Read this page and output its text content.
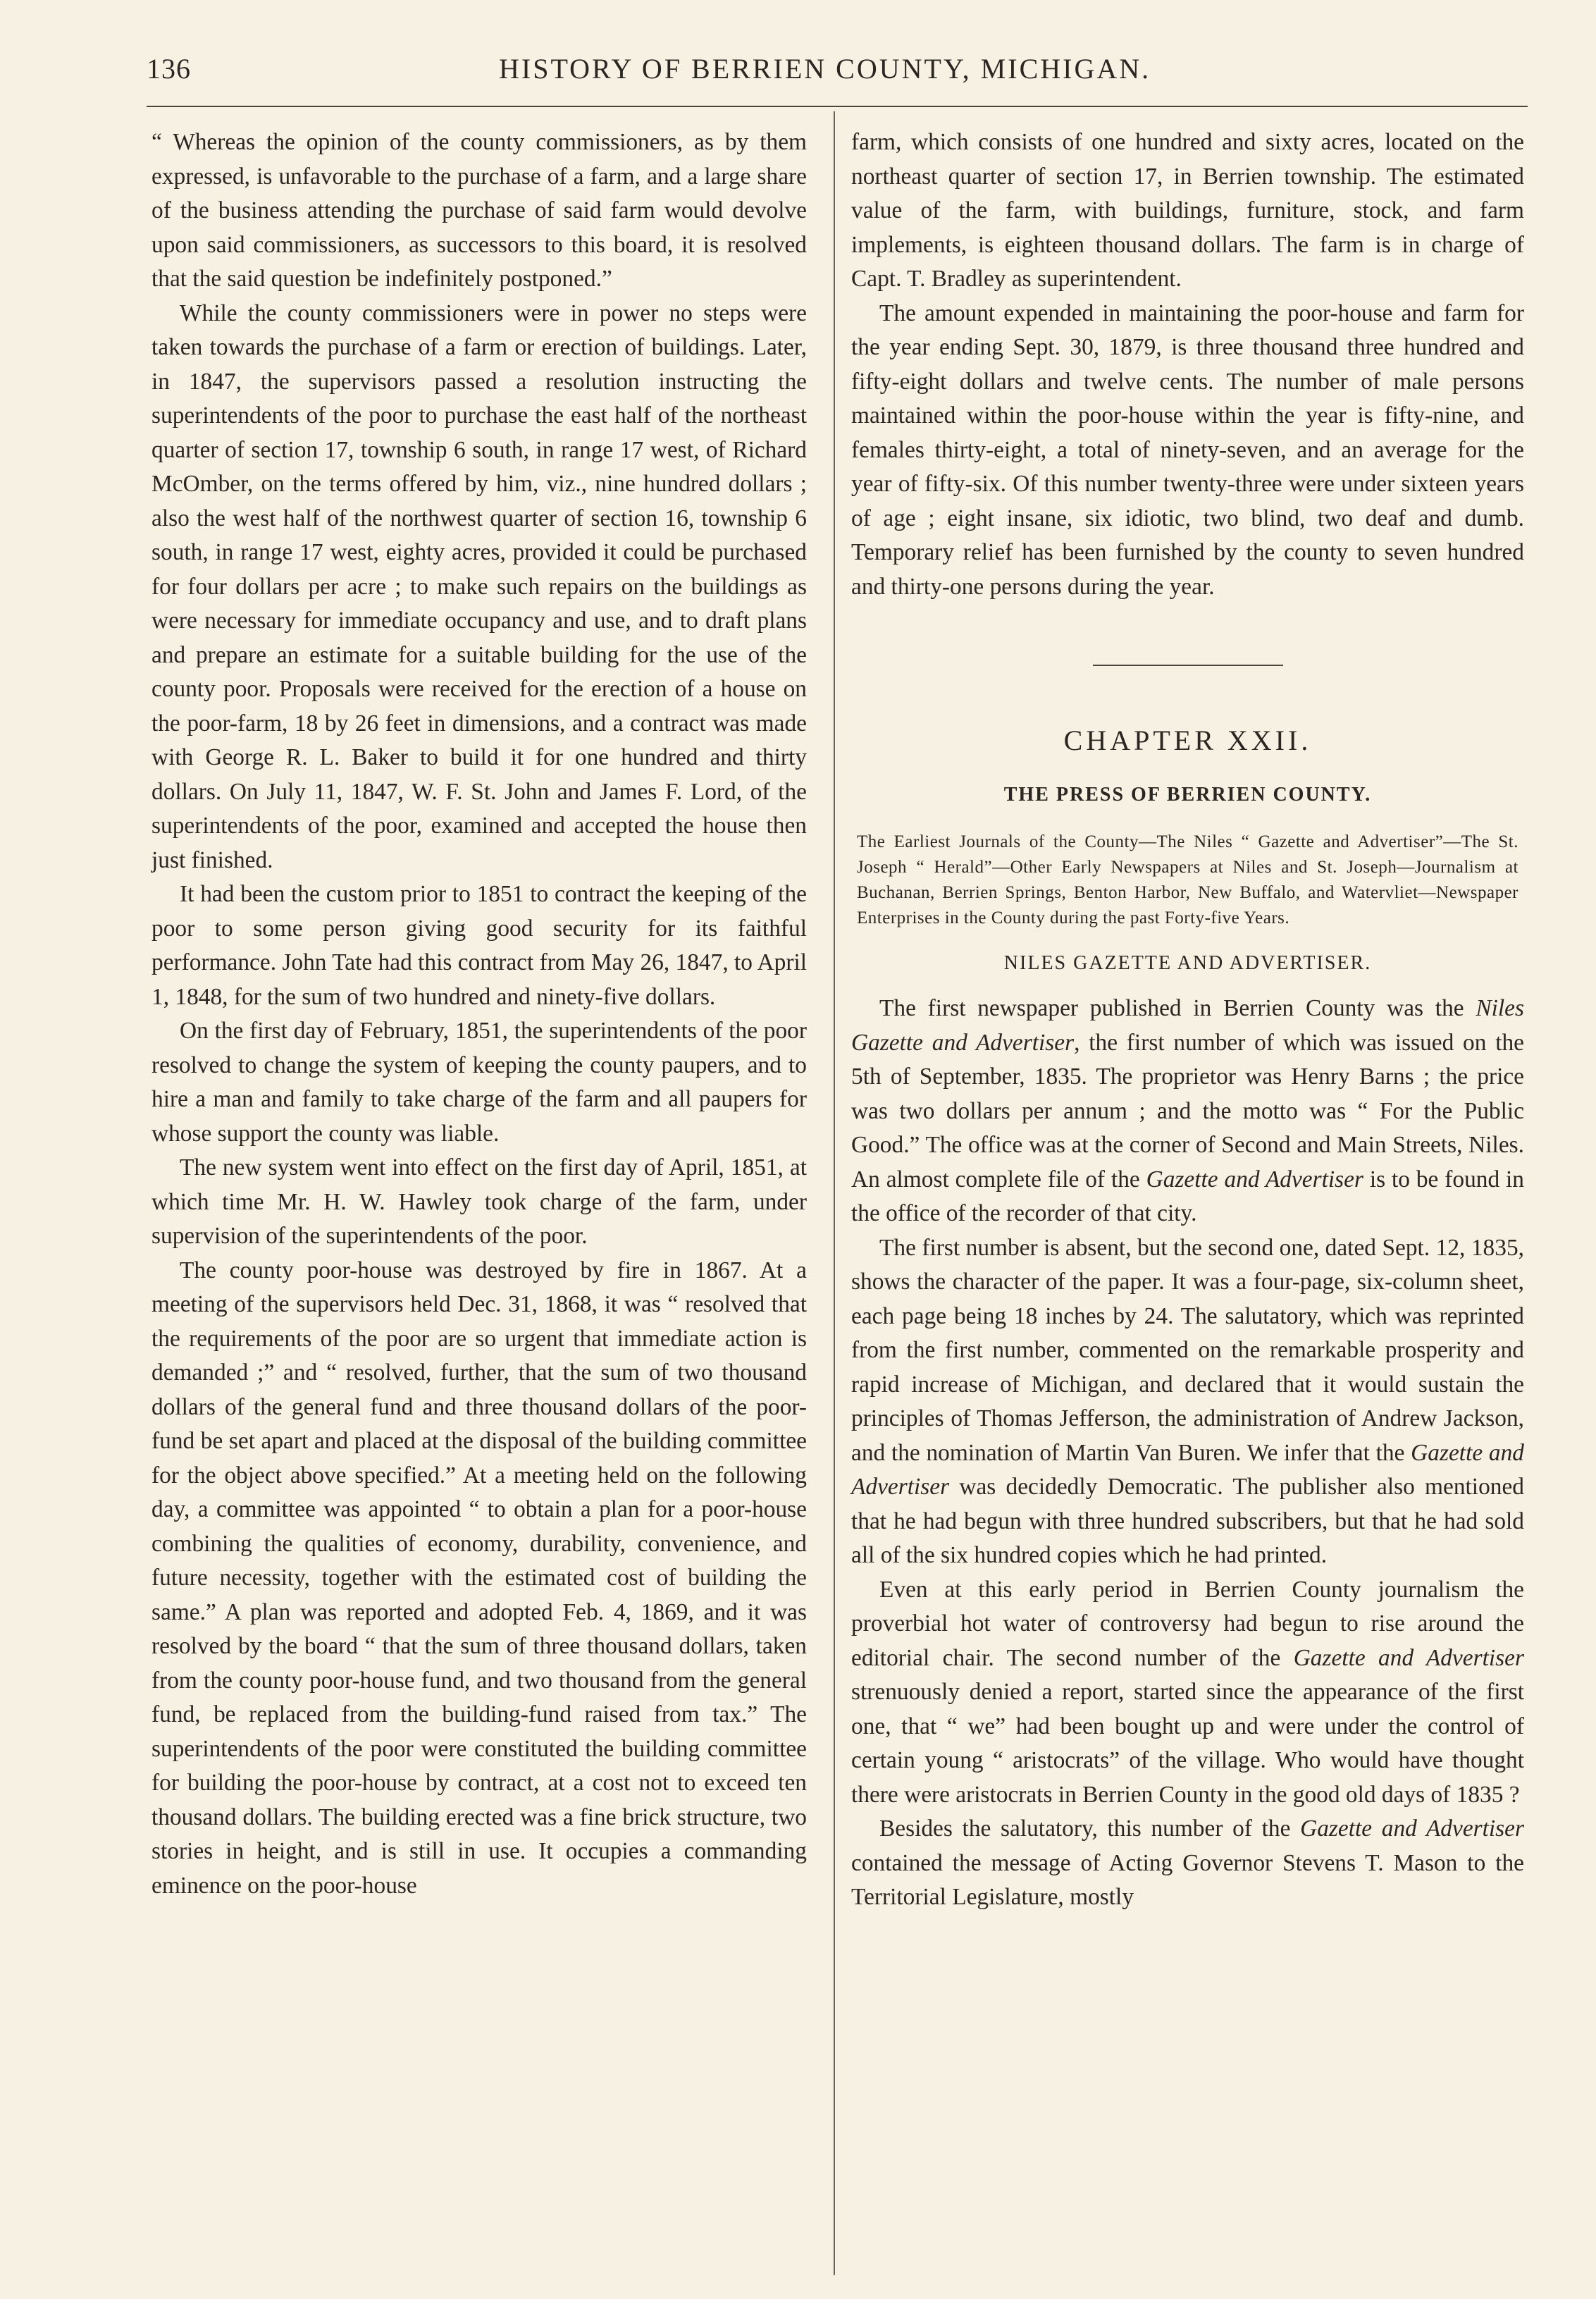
136	HISTORY OF BERRIEN COUNTY, MICHIGAN.

“ Whereas the opinion of the county commissioners, as by them expressed, is unfavorable to the purchase of a farm, and a large share of the business attending the purchase of said farm would devolve upon said commissioners, as successors to this board, it is resolved that the said question be indefinitely postponed.”

While the county commissioners were in power no steps were taken towards the purchase of a farm or erection of buildings. Later, in 1847, the supervisors passed a resolution instructing the superintendents of the poor to purchase the east half of the northeast quarter of section 17, township 6 south, in range 17 west, of Richard McOmber, on the terms offered by him, viz., nine hundred dollars ; also the west half of the northwest quarter of section 16, township 6 south, in range 17 west, eighty acres, provided it could be purchased for four dollars per acre ; to make such repairs on the buildings as were necessary for immediate occupancy and use, and to draft plans and prepare an estimate for a suitable building for the use of the county poor. Proposals were received for the erection of a house on the poor-farm, 18 by 26 feet in dimensions, and a contract was made with George R. L. Baker to build it for one hundred and thirty dollars. On July 11, 1847, W. F. St. John and James F. Lord, of the superintendents of the poor, examined and accepted the house then just finished.

It had been the custom prior to 1851 to contract the keeping of the poor to some person giving good security for its faithful performance. John Tate had this contract from May 26, 1847, to April 1, 1848, for the sum of two hundred and ninety-five dollars.

On the first day of February, 1851, the superintendents of the poor resolved to change the system of keeping the county paupers, and to hire a man and family to take charge of the farm and all paupers for whose support the county was liable.

The new system went into effect on the first day of April, 1851, at which time Mr. H. W. Hawley took charge of the farm, under supervision of the superintendents of the poor.

The county poor-house was destroyed by fire in 1867. At a meeting of the supervisors held Dec. 31, 1868, it was “ resolved that the requirements of the poor are so urgent that immediate action is demanded ;” and “ resolved, further, that the sum of two thousand dollars of the general fund and three thousand dollars of the poor-fund be set apart and placed at the disposal of the building committee for the object above specified.” At a meeting held on the following day, a committee was appointed “ to obtain a plan for a poor-house combining the qualities of economy, durability, convenience, and future necessity, together with the estimated cost of building the same.” A plan was reported and adopted Feb. 4, 1869, and it was resolved by the board “ that the sum of three thousand dollars, taken from the county poor-house fund, and two thousand from the general fund, be replaced from the building-fund raised from tax.” The superintendents of the poor were constituted the building committee for building the poor-house by contract, at a cost not to exceed ten thousand dollars. The building erected was a fine brick structure, two stories in height, and is still in use. It occupies a commanding eminence on the poor-house

farm, which consists of one hundred and sixty acres, located on the northeast quarter of section 17, in Berrien township. The estimated value of the farm, with buildings, furniture, stock, and farm implements, is eighteen thousand dollars. The farm is in charge of Capt. T. Bradley as superintendent.

The amount expended in maintaining the poor-house and farm for the year ending Sept. 30, 1879, is three thousand three hundred and fifty-eight dollars and twelve cents. The number of male persons maintained within the poor-house within the year is fifty-nine, and females thirty-eight, a total of ninety-seven, and an average for the year of fifty-six. Of this number twenty-three were under sixteen years of age ; eight insane, six idiotic, two blind, two deaf and dumb. Temporary relief has been furnished by the county to seven hundred and thirty-one persons during the year.

CHAPTER XXII.
THE PRESS OF BERRIEN COUNTY.
The Earliest Journals of the County—The Niles “ Gazette and Advertiser”—The St. Joseph “ Herald”—Other Early Newspapers at Niles and St. Joseph—Journalism at Buchanan, Berrien Springs, Benton Harbor, New Buffalo, and Watervliet—Newspaper Enterprises in the County during the past Forty-five Years.
NILES GAZETTE AND ADVERTISER.

The first newspaper published in Berrien County was the Niles Gazette and Advertiser, the first number of which was issued on the 5th of September, 1835. The proprietor was Henry Barns ; the price was two dollars per annum ; and the motto was “ For the Public Good.” The office was at the corner of Second and Main Streets, Niles. An almost complete file of the Gazette and Advertiser is to be found in the office of the recorder of that city.

The first number is absent, but the second one, dated Sept. 12, 1835, shows the character of the paper. It was a four-page, six-column sheet, each page being 18 inches by 24. The salutatory, which was reprinted from the first number, commented on the remarkable prosperity and rapid increase of Michigan, and declared that it would sustain the principles of Thomas Jefferson, the administration of Andrew Jackson, and the nomination of Martin Van Buren. We infer that the Gazette and Advertiser was decidedly Democratic. The publisher also mentioned that he had begun with three hundred subscribers, but that he had sold all of the six hundred copies which he had printed.

Even at this early period in Berrien County journalism the proverbial hot water of controversy had begun to rise around the editorial chair. The second number of the Gazette and Advertiser strenuously denied a report, started since the appearance of the first one, that “ we” had been bought up and were under the control of certain young “ aristocrats” of the village. Who would have thought there were aristocrats in Berrien County in the good old days of 1835 ?

Besides the salutatory, this number of the Gazette and Advertiser contained the message of Acting Governor Stevens T. Mason to the Territorial Legislature, mostly
